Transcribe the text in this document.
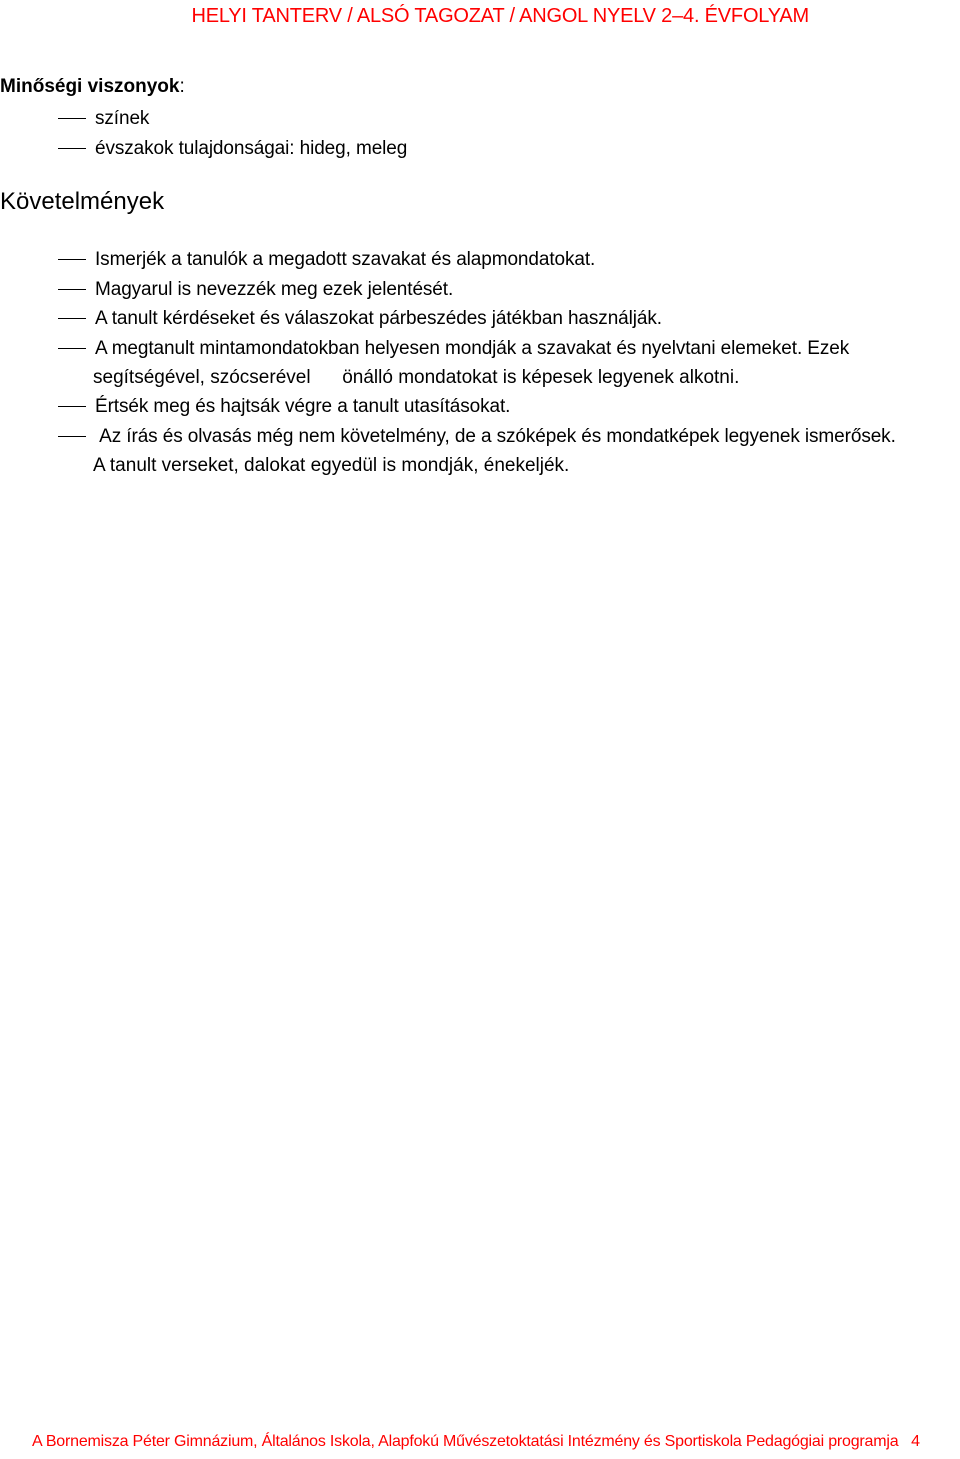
HELYI TANTERV / ALSÓ TAGOZAT / ANGOL NYELV 2–4. ÉVFOLYAM
Minőségi viszonyok:
színek
évszakok tulajdonságai: hideg, meleg
Követelmények
Ismerjék a tanulók a megadott szavakat és alapmondatokat.
Magyarul is nevezzék meg ezek jelentését.
A tanult kérdéseket és válaszokat párbeszédes játékban használják.
A megtanult mintamondatokban helyesen mondják a szavakat és nyelvtani elemeket. Ezek
segítségével, szócserével      önálló mondatokat is képesek legyenek alkotni.
Értsék meg és hajtsák végre a tanult utasításokat.
Az írás és olvasás még nem követelmény, de a szóképek és mondatképek legyenek ismerősek.
A tanult verseket, dalokat egyedül is mondják, énekeljék.
A Bornemisza Péter Gimnázium, Általános Iskola, Alapfokú Művészetoktatási Intézmény és Sportiskola Pedagógiai programja   4
